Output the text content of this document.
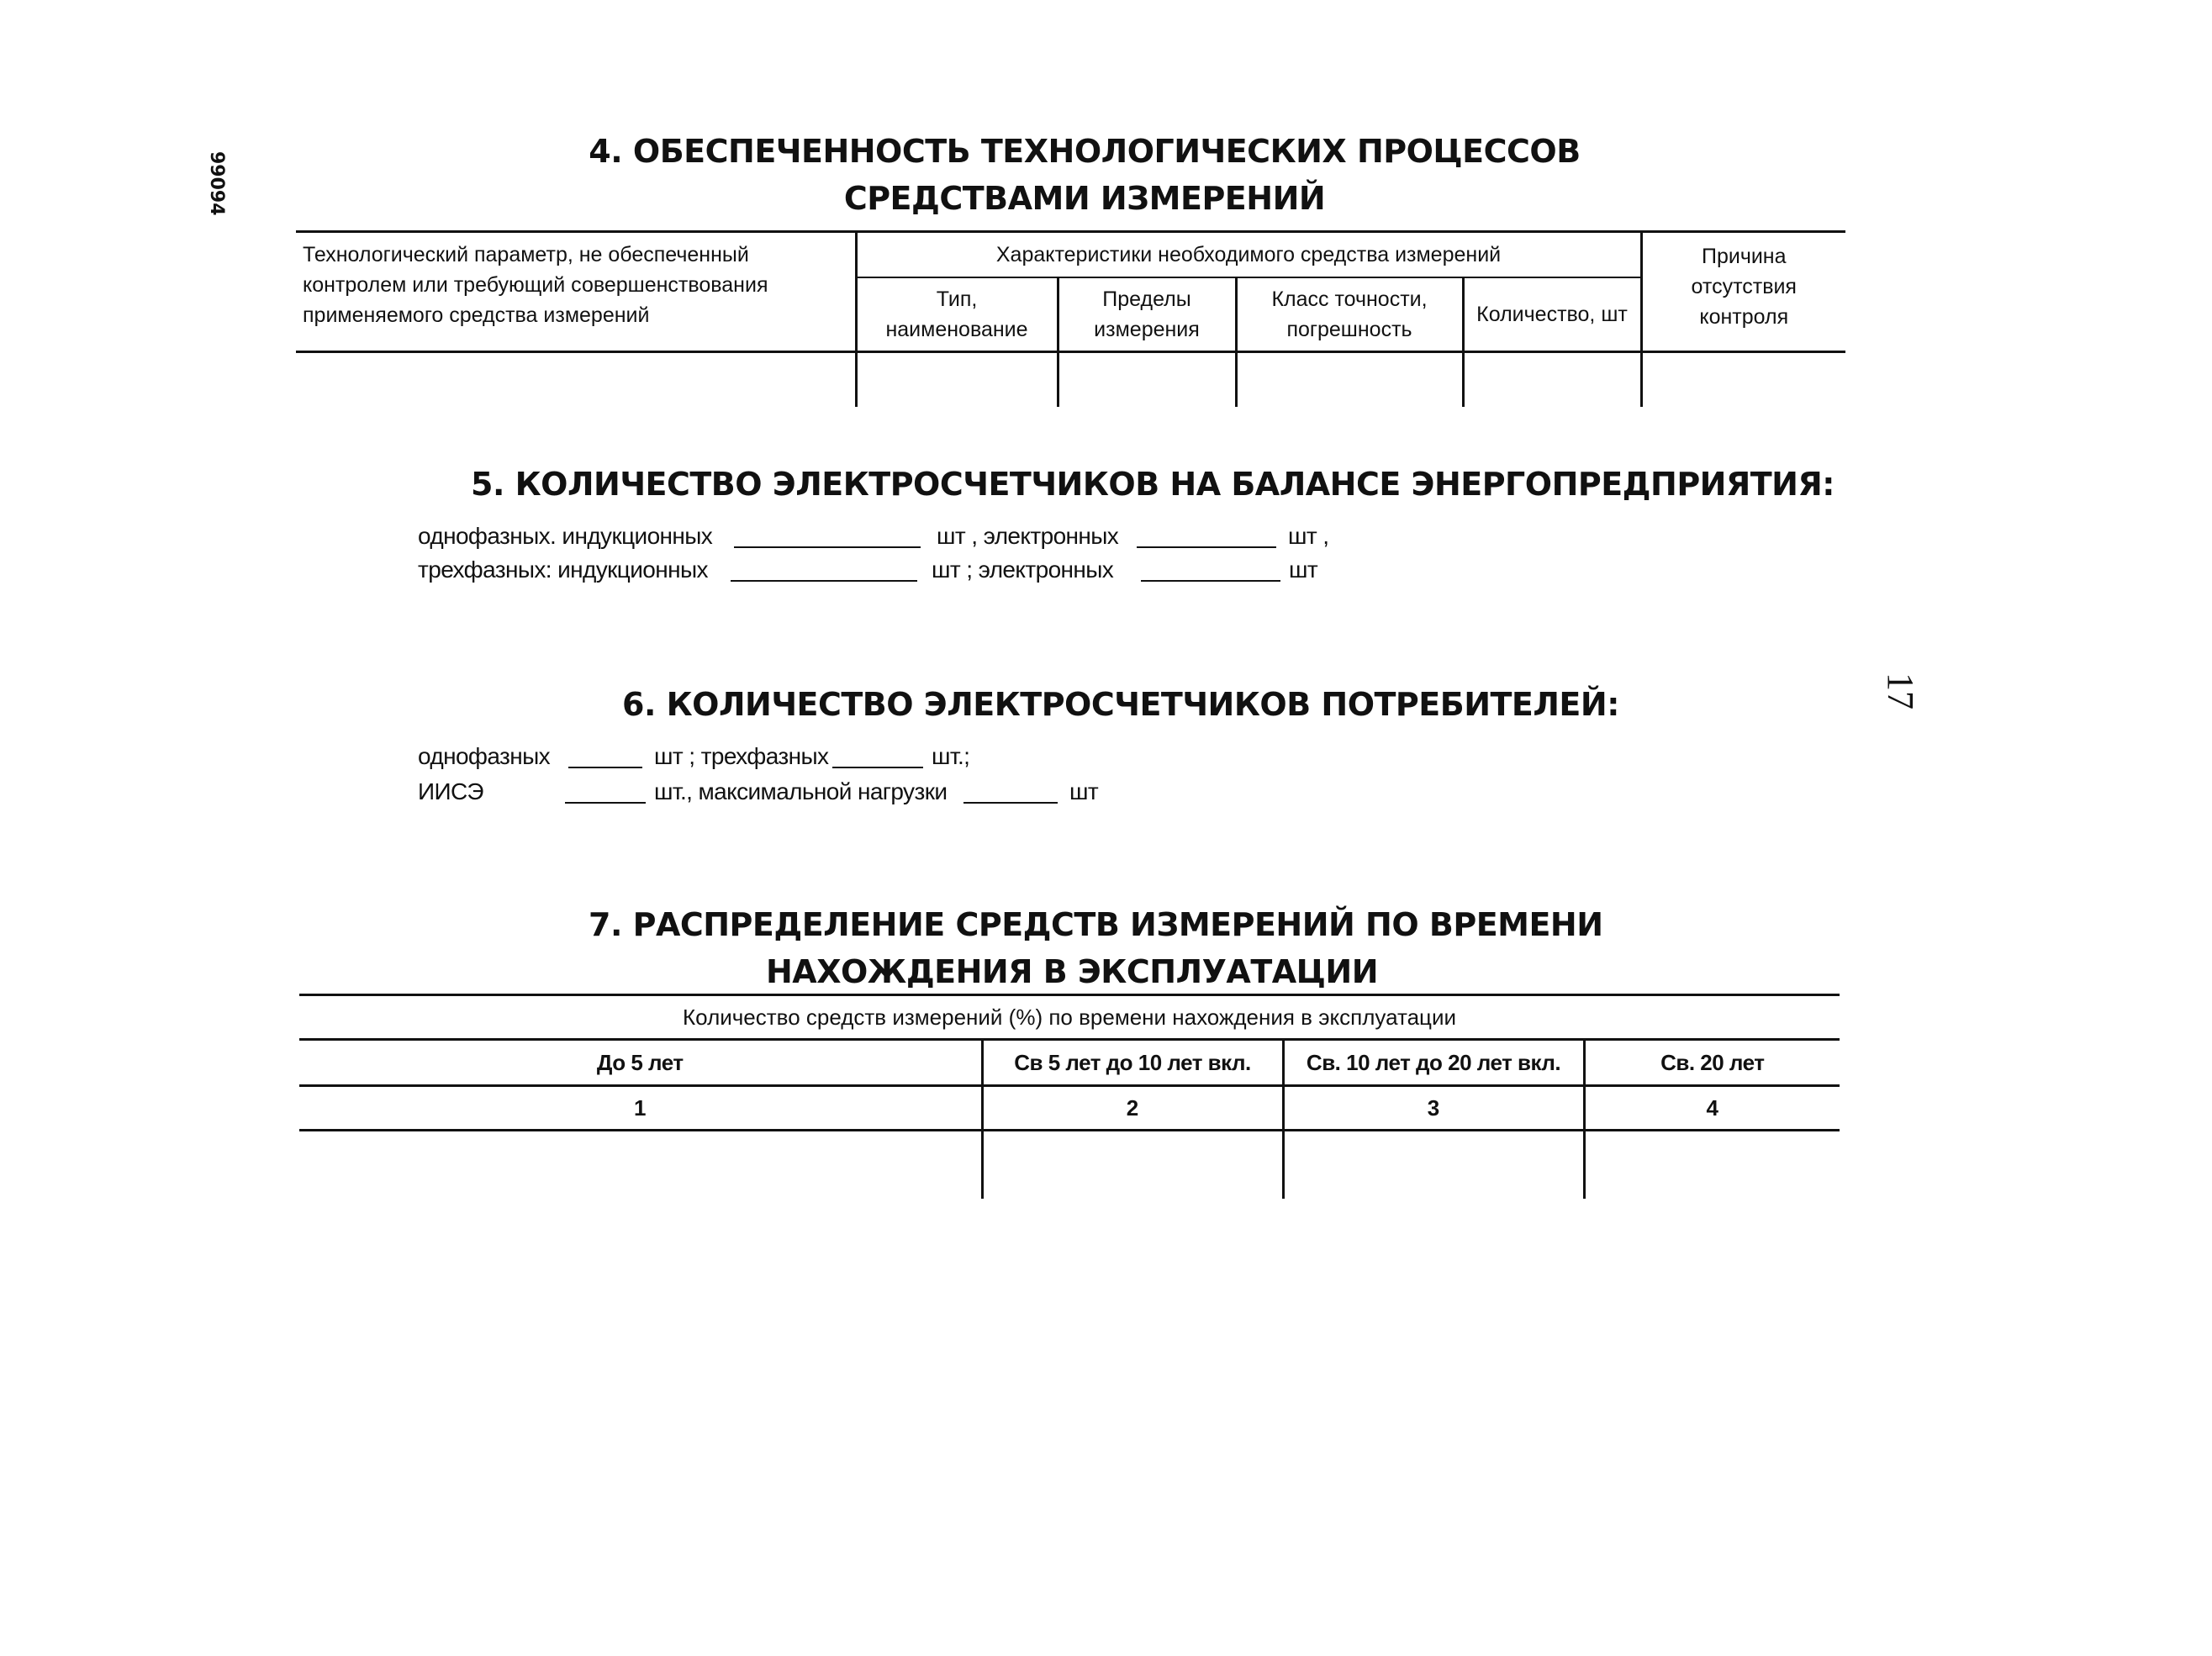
99094
17
4. ОБЕСПЕЧЕННОСТЬ ТЕХНОЛОГИЧЕСКИХ ПРОЦЕССОВ
СРЕДСТВАМИ ИЗМЕРЕНИЙ
Технологический параметр, не обеспеченный контролем или требующий совершенствования применяемого средства измерений	Характеристики необходимого средства измерений				Причина отсутствия контроля
	Тип, наименование	Пределы измерения	Класс точности, погрешность	Количество, шт	

5. КОЛИЧЕСТВО ЭЛЕКТРОСЧЕТЧИКОВ НА БАЛАНСЕ ЭНЕРГОПРЕДПРИЯТИЯ:
однофазных. индукционных	шт , электронных	шт ,
трехфазных: индукционных	шт ; электронных	шт
6. КОЛИЧЕСТВО ЭЛЕКТРОСЧЕТЧИКОВ ПОТРЕБИТЕЛЕЙ:
однофазных	шт ; трехфазных	шт.;
ИИСЭ	шт., максимальной нагрузки	шт
7. РАСПРЕДЕЛЕНИЕ СРЕДСТВ ИЗМЕРЕНИЙ ПО ВРЕМЕНИ
НАХОЖДЕНИЯ В ЭКСПЛУАТАЦИИ
Количество средств измерений (%) по времени нахождения в эксплуатации			
До 5 лет	Св 5 лет до 10 лет вкл.	Св. 10 лет до 20 лет вкл.	Св. 20 лет
1	2	3	4
